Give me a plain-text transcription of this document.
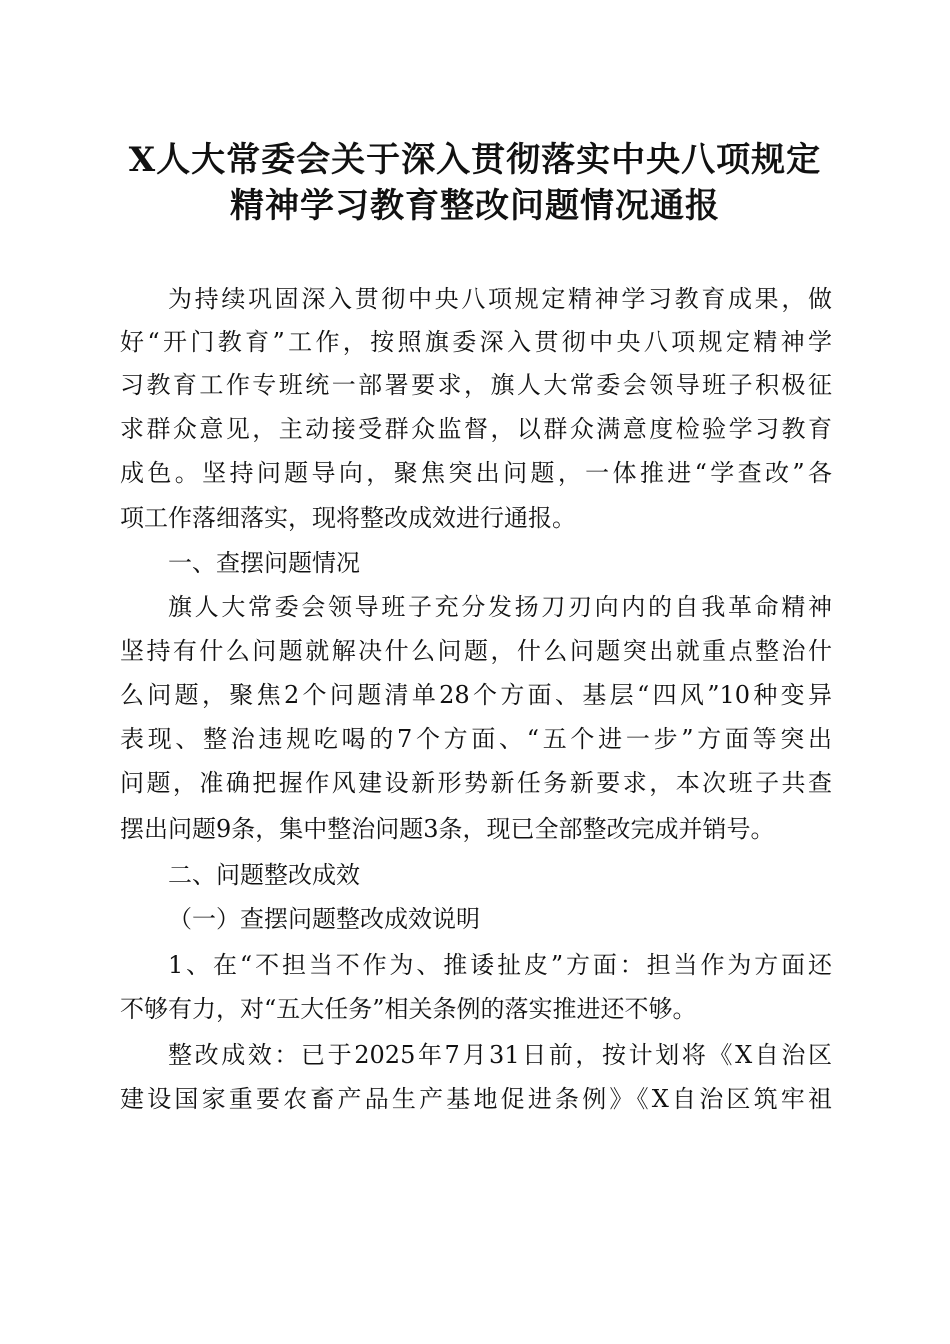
X人大常委会关于深入贯彻落实中央八项规定
精神学习教育整改问题情况通报
为持续巩固深入贯彻中央八项规定精神学习教育成果，做
好“开门教育”工作，按照旗委深入贯彻中央八项规定精神学
习教育工作专班统一部署要求，旗人大常委会领导班子积极征
求群众意见，主动接受群众监督，以群众满意度检验学习教育
成色。坚持问题导向，聚焦突出问题，一体推进“学查改”各
项工作落细落实，现将整改成效进行通报。
一、查摆问题情况
旗人大常委会领导班子充分发扬刀刃向内的自我革命精神
坚持有什么问题就解决什么问题，什么问题突出就重点整治什
么问题，聚焦2个问题清单28个方面、基层“四风”10种变异
表现、整治违规吃喝的7个方面、“五个进一步”方面等突出
问题，准确把握作风建设新形势新任务新要求，本次班子共查
摆出问题9条，集中整治问题3条，现已全部整改完成并销号。
二、问题整改成效
（一）查摆问题整改成效说明
1、在“不担当不作为、推诿扯皮”方面：担当作为方面还
不够有力，对“五大任务”相关条例的落实推进还不够。
整改成效：已于2025年7月31日前，按计划将《X自治区
建设国家重要农畜产品生产基地促进条例》《X自治区筑牢祖
